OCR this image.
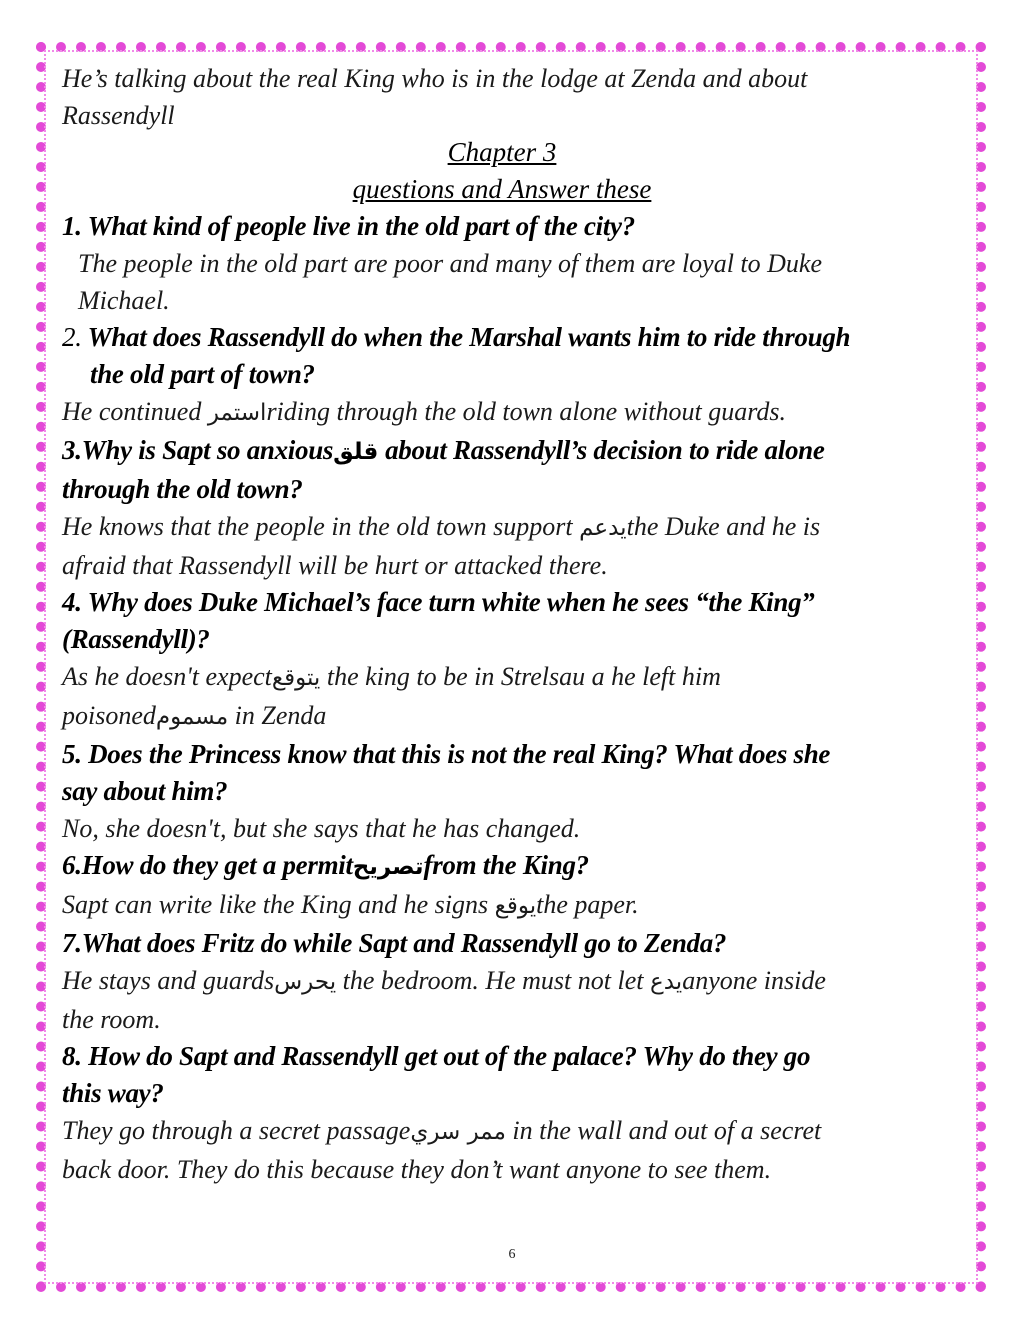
He’s talking about the real King who is in the lodge at Zenda and about

Rassendyll

Chapter 3

questions and Answer these

1. What kind of people live in the old part of the city?

The people in the old part are poor and many of them are loyal to Duke

Michael.

2. What does Rassendyll do when the Marshal wants him to ride through

the old part of town?

He continued استمرriding through the old town alone without guards.

3.Why is Sapt so anxiousقلق about Rassendyll’s decision to ride alone

through the old town?

He knows that the people in the old town support يدعمthe Duke and he is

afraid that Rassendyll will be hurt or attacked there.

4. Why does Duke Michael’s face turn white when he sees “the King”

(Rassendyll)?

As he doesn't expectيتوقع the king to be in Strelsau a he left him

poisonedمسموم in Zenda

5. Does the Princess know that this is not the real King? What does she

say about him?

No, she doesn't, but she says that he has changed.

6.How do they get a permitتصريحfrom the King?

Sapt can write like the King and he signs يوقعthe paper.

7.What does Fritz do while Sapt and Rassendyll go to Zenda?

He stays and guardsيحرس the bedroom. He must not let يدعanyone inside

the room.

8. How do Sapt and Rassendyll get out of the palace? Why do they go

this way?

They go through a secret passageممر سري in the wall and out of a secret

back door. They do this because they don’t want anyone to see them.

6
